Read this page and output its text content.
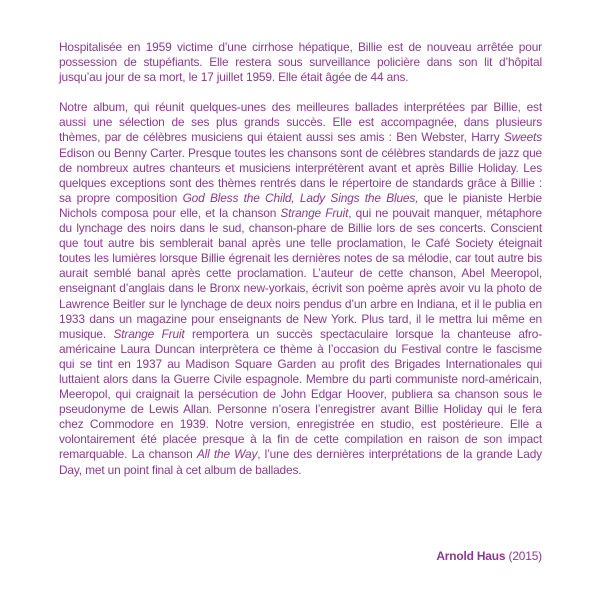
Hospitalisée en 1959 victime d’une cirrhose hépatique, Billie est de nouveau arrêtée pour possession de stupéfiants. Elle restera sous surveillance policière dans son lit d’hôpital jusqu’au jour de sa mort, le 17 juillet 1959. Elle était âgée de 44 ans.

Notre album, qui réunit quelques-unes des meilleures ballades interprétées par Billie, est aussi une sélection de ses plus grands succès. Elle est accompagnée, dans plusieurs thèmes, par de célèbres musiciens qui étaient aussi ses amis : Ben Webster, Harry Sweets Edison ou Benny Carter. Presque toutes les chansons sont de célèbres standards de jazz que de nombreux autres chanteurs et musiciens interprétèrent avant et après Billie Holiday. Les quelques exceptions sont des thèmes rentrés dans le répertoire de standards grâce à Billie : sa propre composition God Bless the Child, Lady Sings the Blues, que le pianiste Herbie Nichols composa pour elle, et la chanson Strange Fruit, qui ne pouvait manquer, métaphore du lynchage des noirs dans le sud, chanson-phare de Billie lors de ses concerts. Conscient que tout autre bis semblerait banal après une telle proclamation, le Café Society éteignait toutes les lumières lorsque Billie égrenait les dernières notes de sa mélodie, car tout autre bis aurait semblé banal après cette proclamation. L’auteur de cette chanson, Abel Meeropol, enseignant d’anglais dans le Bronx new-yorkais, écrivit son poème après avoir vu la photo de Lawrence Beitler sur le lynchage de deux noirs pendus d’un arbre en Indiana, et il le publia en 1933 dans un magazine pour enseignants de New York. Plus tard, il le mettra lui même en musique. Strange Fruit remportera un succès spectaculaire lorsque la chanteuse afro-américaine Laura Duncan interprètera ce thème à l’occasion du Festival contre le fascisme qui se tint en 1937 au Madison Square Garden au profit des Brigades Internationales qui luttaient alors dans la Guerre Civile espagnole. Membre du parti communiste nord-américain, Meeropol, qui craignait la persécution de John Edgar Hoover, publiera sa chanson sous le pseudonyme de Lewis Allan. Personne n’osera l’enregistrer avant Billie Holiday qui le fera chez Commodore en 1939. Notre version, enregistrée en studio, est postérieure. Elle a volontairement été placée presque à la fin de cette compilation en raison de son impact remarquable. La chanson All the Way, l’une des dernières interprétations de la grande Lady Day, met un point final à cet album de ballades.

Arnold Haus (2015)
